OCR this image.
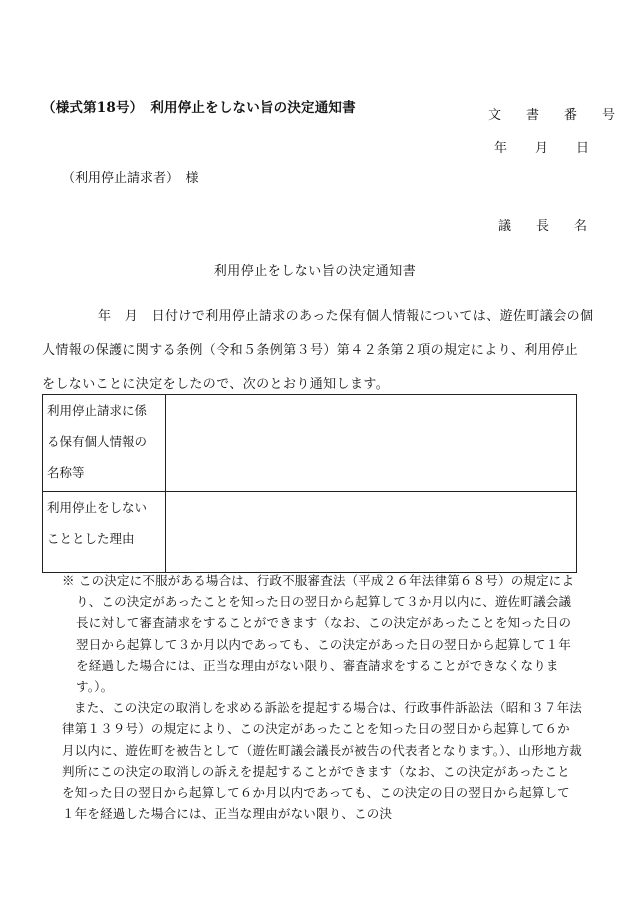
（様式第18号）　利用停止をしない旨の決定通知書	文　書　番　号
年 月 日
（利用停止請求者）　様
議　長　名
利用停止をしない旨の決定通知書
年　月　日付けで利用停止請求のあった保有個人情報については、遊佐町議会の個
人情報の保護に関する条例（令和５条例第３号）第４２条第２項の規定により、利用停止
をしないことに決定をしたので、次のとおり通知します。
利用停止請求に係
る保有個人情報の
名称等	

利用停止をしない
こととした理由	

※ この決定に不服がある場合は、行政不服審査法（平成２６年法律第６８号）の規定により、この決定があったことを知った日の翌日から起算して３か月以内に、遊佐町議会議長に対して審査請求をすることができます（なお、この決定があったことを知った日の翌日から起算して３か月以内であっても、この決定があった日の翌日から起算して１年を経過した場合には、正当な理由がない限り、審査請求をすることができなくなります。）。

また、この決定の取消しを求める訴訟を提起する場合は、行政事件訴訟法（昭和３７年法律第１３９号）の規定により、この決定があったことを知った日の翌日から起算して６か月以内に、遊佐町を被告として（遊佐町議会議長が被告の代表者となります。）、山形地方裁判所にこの決定の取消しの訴えを提起することができます（なお、この決定があったことを知った日の翌日から起算して６か月以内であっても、この決定の日の翌日から起算して１年を経過した場合には、正当な理由がない限り、この決
